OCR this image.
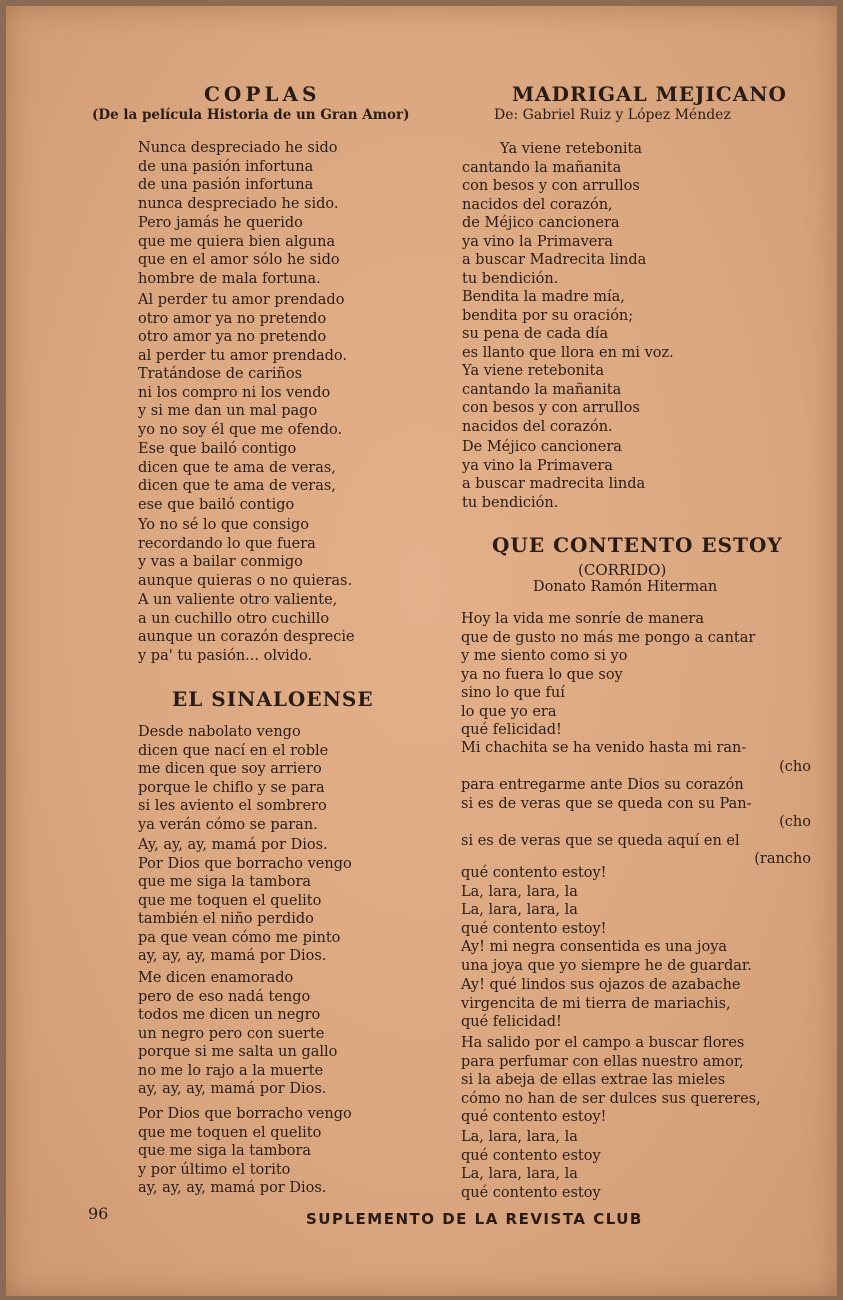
COPLAS
(De la película Historia de un Gran Amor)
Nunca despreciado he sido
de una pasión infortuna
de una pasión infortuna
nunca despreciado he sido.
Pero jamás he querido
que me quiera bien alguna
que en el amor sólo he sido
hombre de mala fortuna.
Al perder tu amor prendado
otro amor ya no pretendo
otro amor ya no pretendo
al perder tu amor prendado.
Tratándose de cariños
ni los compro ni los vendo
y si me dan un mal pago
yo no soy él que me ofendo.
Ese que bailó contigo
dicen que te ama de veras,
dicen que te ama de veras,
ese que bailó contigo
Yo no sé lo que consigo
recordando lo que fuera
y vas a bailar conmigo
aunque quieras o no quieras.
A un valiente otro valiente,
a un cuchillo otro cuchillo
aunque un corazón desprecie
y pa' tu pasión... olvido.
EL SINALOENSE
Desde nabolato vengo
dicen que nací en el roble
me dicen que soy arriero
porque le chiflo y se para
si les aviento el sombrero
ya verán cómo se paran.
Ay, ay, ay, mamá por Dios.
Por Dios que borracho vengo
que me siga la tambora
que me toquen el quelito
también el niño perdido
pa que vean cómo me pinto
ay, ay, ay, mamá por Dios.
Me dicen enamorado
pero de eso nadá tengo
todos me dicen un negro
un negro pero con suerte
porque si me salta un gallo
no me lo rajo a la muerte
ay, ay, ay, mamá por Dios.
Por Dios que borracho vengo
que me toquen el quelito
que me siga la tambora
y por último el torito
ay, ay, ay, mamá por Dios.
MADRIGAL MEJICANO
De: Gabriel Ruiz y López Méndez
Ya viene retebonita
cantando la mañanita
con besos y con arrullos
nacidos del corazón,
de Méjico cancionera
ya vino la Primavera
a buscar Madrecita linda
tu bendición.
Bendita la madre mía,
bendita por su oración;
su pena de cada día
es llanto que llora en mi voz.
Ya viene retebonita
cantando la mañanita
con besos y con arrullos
nacidos del corazón.
De Méjico cancionera
ya vino la Primavera
a buscar madrecita linda
tu bendición.
QUE CONTENTO ESTOY
(CORRIDO)
Donato Ramón Hiterman
Hoy la vida me sonríe de manera
que de gusto no más me pongo a cantar
y me siento como si yo
ya no fuera lo que soy
sino lo que fuí
lo que yo era
qué felicidad!
Mi chachita se ha venido hasta mi ran-
(cho
para entregarme ante Dios su corazón
si es de veras que se queda con su Pan-
(cho
si es de veras que se queda aquí en el
(rancho
qué contento estoy!
La, lara, lara, la
La, lara, lara, la
qué contento estoy!
Ay! mi negra consentida es una joya
una joya que yo siempre he de guardar.
Ay! qué lindos sus ojazos de azabache
virgencita de mi tierra de mariachis,
qué felicidad!
Ha salido por el campo a buscar flores
para perfumar con ellas nuestro amor,
si la abeja de ellas extrae las mieles
cómo no han de ser dulces sus quereres,
qué contento estoy!
La, lara, lara, la
qué contento estoy
La, lara, lara, la
qué contento estoy
96	SUPLEMENTO DE LA REVISTA CLUB
